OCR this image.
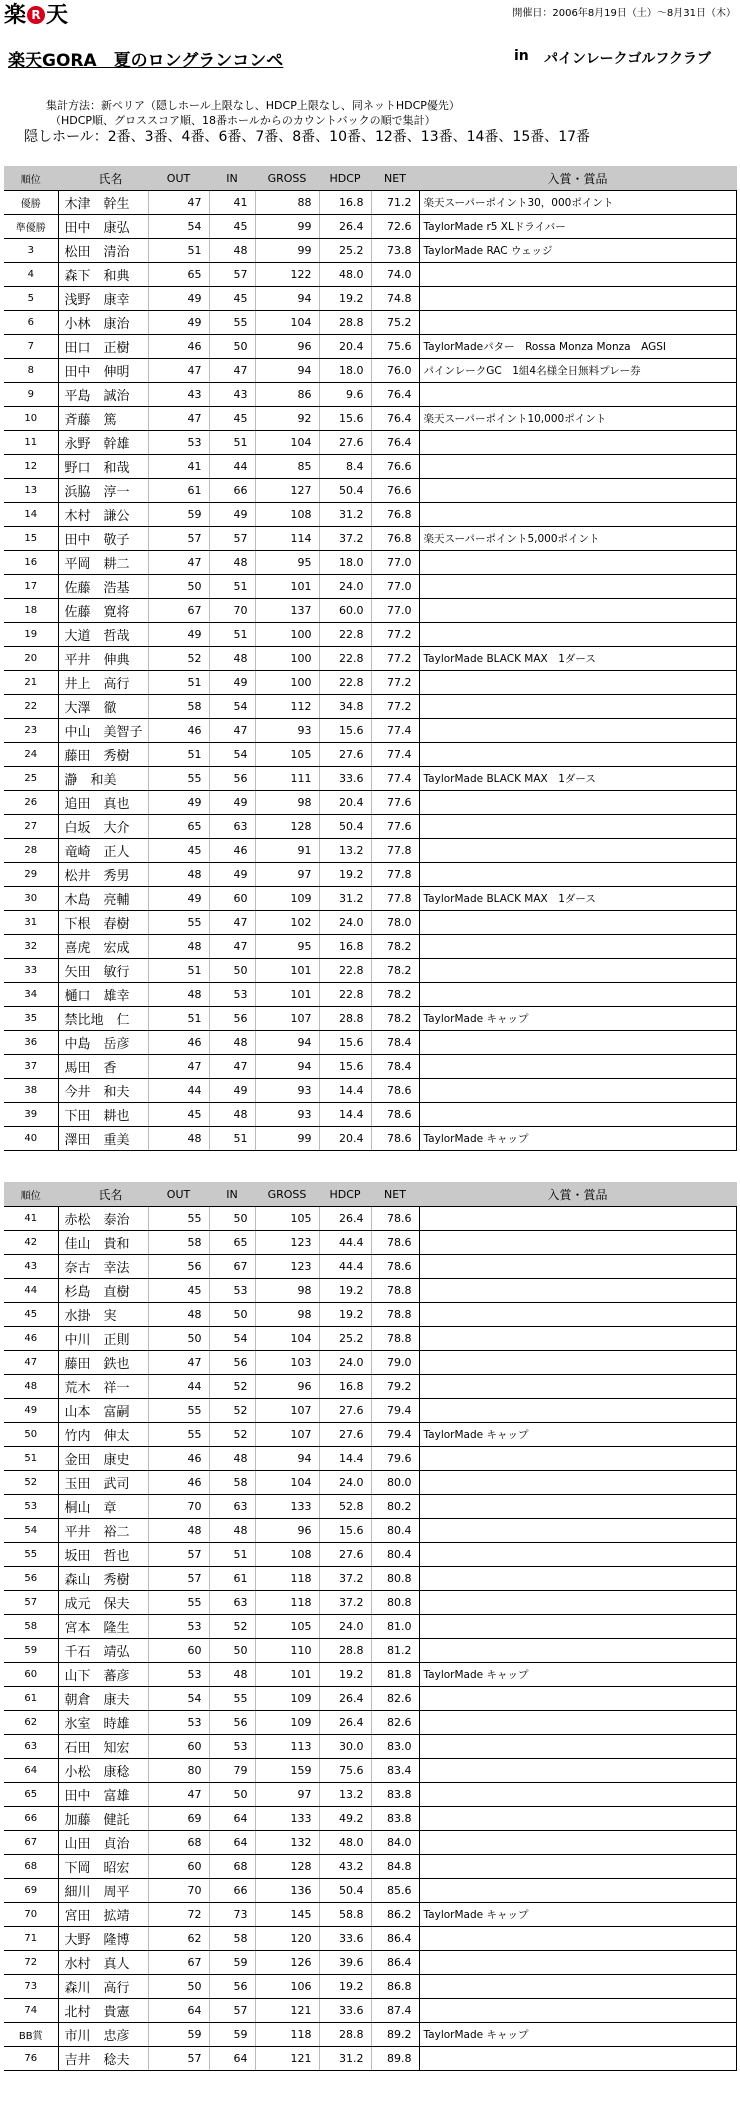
楽 R 天	開催日：2006年8月19日（土）〜8月31日（木）
楽天GORA　夏のロングランコンペ	in パインレークゴルフクラブ
集計方法：新ペリア（隠しホール上限なし、HDCP上限なし、同ネットHDCP優先）
（HDCP順、グロススコア順、18番ホールからのカウントバックの順で集計）
隠しホール：2番、3番、4番、6番、7番、8番、10番、12番、13番、14番、15番、17番
順位	氏名	OUT	IN	GROSS	HDCP	NET	入賞・賞品
優勝	木津　幹生	47	41	88	16.8	71.2	楽天スーパーポイント30，000ポイント
準優勝	田中　康弘	54	45	99	26.4	72.6	TaylorMade r5 XLドライバー
3	松田　清治	51	48	99	25.2	73.8	TaylorMade RAC ウェッジ
4	森下　和典	65	57	122	48.0	74.0	
5	浅野　康幸	49	45	94	19.2	74.8	
6	小林　康治	49	55	104	28.8	75.2	
7	田口　正樹	46	50	96	20.4	75.6	TaylorMadeパター　Rossa Monza Monza　AGSI
8	田中　伸明	47	47	94	18.0	76.0	パインレークGC　1組4名様全日無料プレー券
9	平島　誠治	43	43	86	9.6	76.4	
10	斉藤　篤	47	45	92	15.6	76.4	楽天スーパーポイント10,000ポイント
11	永野　幹雄	53	51	104	27.6	76.4	
12	野口　和哉	41	44	85	8.4	76.6	
13	浜脇　淳一	61	66	127	50.4	76.6	
14	木村　謙公	59	49	108	31.2	76.8	
15	田中　敬子	57	57	114	37.2	76.8	楽天スーパーポイント5,000ポイント
16	平岡　耕二	47	48	95	18.0	77.0	
17	佐藤　浩基	50	51	101	24.0	77.0	
18	佐藤　寛将	67	70	137	60.0	77.0	
19	大道　哲哉	49	51	100	22.8	77.2	
20	平井　伸典	52	48	100	22.8	77.2	TaylorMade BLACK MAX　1ダース
21	井上　高行	51	49	100	22.8	77.2	
22	大澤　徹	58	54	112	34.8	77.2	
23	中山　美智子	46	47	93	15.6	77.4	
24	藤田　秀樹	51	54	105	27.6	77.4	
25	瀞　和美	55	56	111	33.6	77.4	TaylorMade BLACK MAX　1ダース
26	追田　真也	49	49	98	20.4	77.6	
27	白坂　大介	65	63	128	50.4	77.6	
28	竜崎　正人	45	46	91	13.2	77.8	
29	松井　秀男	48	49	97	19.2	77.8	
30	木島　亮輔	49	60	109	31.2	77.8	TaylorMade BLACK MAX　1ダース
31	下根　春樹	55	47	102	24.0	78.0	
32	喜虎　宏成	48	47	95	16.8	78.2	
33	矢田　敏行	51	50	101	22.8	78.2	
34	樋口　雄幸	48	53	101	22.8	78.2	
35	禁比地　仁	51	56	107	28.8	78.2	TaylorMade キャップ
36	中島　岳彦	46	48	94	15.6	78.4	
37	馬田　香	47	47	94	15.6	78.4	
38	今井　和夫	44	49	93	14.4	78.6	
39	下田　耕也	45	48	93	14.4	78.6	
40	澤田　重美	48	51	99	20.4	78.6	TaylorMade キャップ
順位	氏名	OUT	IN	GROSS	HDCP	NET	入賞・賞品
41	赤松　泰治	55	50	105	26.4	78.6	
42	佳山　貴和	58	65	123	44.4	78.6	
43	奈古　幸法	56	67	123	44.4	78.6	
44	杉島　直樹	45	53	98	19.2	78.8	
45	水掛　実	48	50	98	19.2	78.8	
46	中川　正則	50	54	104	25.2	78.8	
47	藤田　鉄也	47	56	103	24.0	79.0	
48	荒木　祥一	44	52	96	16.8	79.2	
49	山本　富嗣	55	52	107	27.6	79.4	
50	竹内　伸太	55	52	107	27.6	79.4	TaylorMade キャップ
51	金田　康史	46	48	94	14.4	79.6	
52	玉田　武司	46	58	104	24.0	80.0	
53	桐山　章	70	63	133	52.8	80.2	
54	平井　裕二	48	48	96	15.6	80.4	
55	坂田　哲也	57	51	108	27.6	80.4	
56	森山　秀樹	57	61	118	37.2	80.8	
57	成元　保夫	55	63	118	37.2	80.8	
58	宮本　隆生	53	52	105	24.0	81.0	
59	千石　靖弘	60	50	110	28.8	81.2	
60	山下　蕃彦	53	48	101	19.2	81.8	TaylorMade キャップ
61	朝倉　康夫	54	55	109	26.4	82.6	
62	氷室　時雄	53	56	109	26.4	82.6	
63	石田　知宏	60	53	113	30.0	83.0	
64	小松　康稔	80	79	159	75.6	83.4	
65	田中　富雄	47	50	97	13.2	83.8	
66	加藤　健託	69	64	133	49.2	83.8	
67	山田　貞治	68	64	132	48.0	84.0	
68	下岡　昭宏	60	68	128	43.2	84.8	
69	細川　周平	70	66	136	50.4	85.6	
70	宮田　拡靖	72	73	145	58.8	86.2	TaylorMade キャップ
71	大野　隆博	62	58	120	33.6	86.4	
72	水村　真人	67	59	126	39.6	86.4	
73	森川　高行	50	56	106	19.2	86.8	
74	北村　貴憲	64	57	121	33.6	87.4	
BB賞	市川　忠彦	59	59	118	28.8	89.2	TaylorMade キャップ
76	吉井　稔夫	57	64	121	31.2	89.8	
